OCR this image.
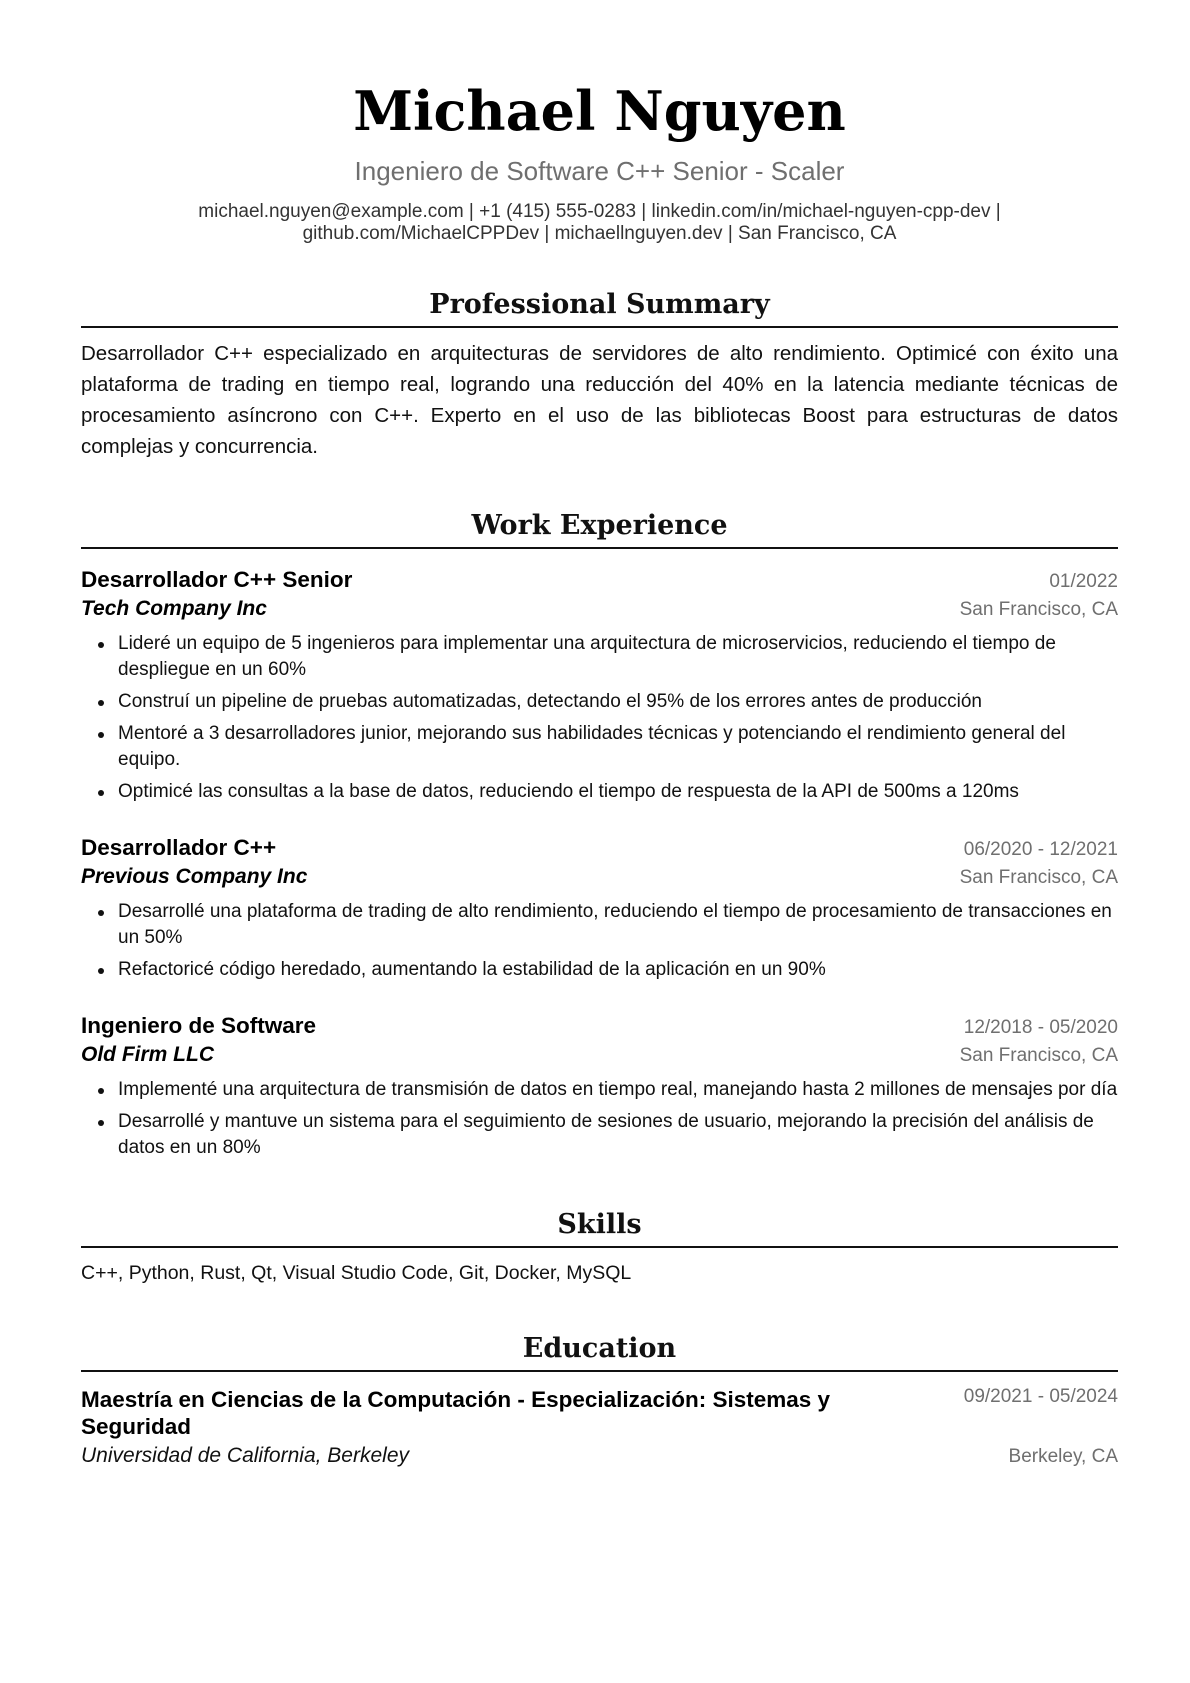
Michael Nguyen
Ingeniero de Software C++ Senior - Scaler
michael.nguyen@example.com | +1 (415) 555-0283 | linkedin.com/in/michael-nguyen-cpp-dev |
github.com/MichaelCPPDev | michaellnguyen.dev | San Francisco, CA
Professional Summary
Desarrollador C++ especializado en arquitecturas de servidores de alto rendimiento. Optimicé con éxito una plataforma de trading en tiempo real, logrando una reducción del 40% en la latencia mediante técnicas de procesamiento asíncrono con C++. Experto en el uso de las bibliotecas Boost para estructuras de datos complejas y concurrencia.
Work Experience
Desarrollador C++ Senior	01/2022
Tech Company Inc	San Francisco, CA
Lideré un equipo de 5 ingenieros para implementar una arquitectura de microservicios, reduciendo el tiempo de despliegue en un 60%
Construí un pipeline de pruebas automatizadas, detectando el 95% de los errores antes de producción
Mentoré a 3 desarrolladores junior, mejorando sus habilidades técnicas y potenciando el rendimiento general del equipo.
Optimicé las consultas a la base de datos, reduciendo el tiempo de respuesta de la API de 500ms a 120ms
Desarrollador C++	06/2020 - 12/2021
Previous Company Inc	San Francisco, CA
Desarrollé una plataforma de trading de alto rendimiento, reduciendo el tiempo de procesamiento de transacciones en un 50%
Refactoricé código heredado, aumentando la estabilidad de la aplicación en un 90%
Ingeniero de Software	12/2018 - 05/2020
Old Firm LLC	San Francisco, CA
Implementé una arquitectura de transmisión de datos en tiempo real, manejando hasta 2 millones de mensajes por día
Desarrollé y mantuve un sistema para el seguimiento de sesiones de usuario, mejorando la precisión del análisis de datos en un 80%
Skills
C++, Python, Rust, Qt, Visual Studio Code, Git, Docker, MySQL
Education
Maestría en Ciencias de la Computación - Especialización: Sistemas y Seguridad
09/2021 - 05/2024
Universidad de California, Berkeley	Berkeley, CA
